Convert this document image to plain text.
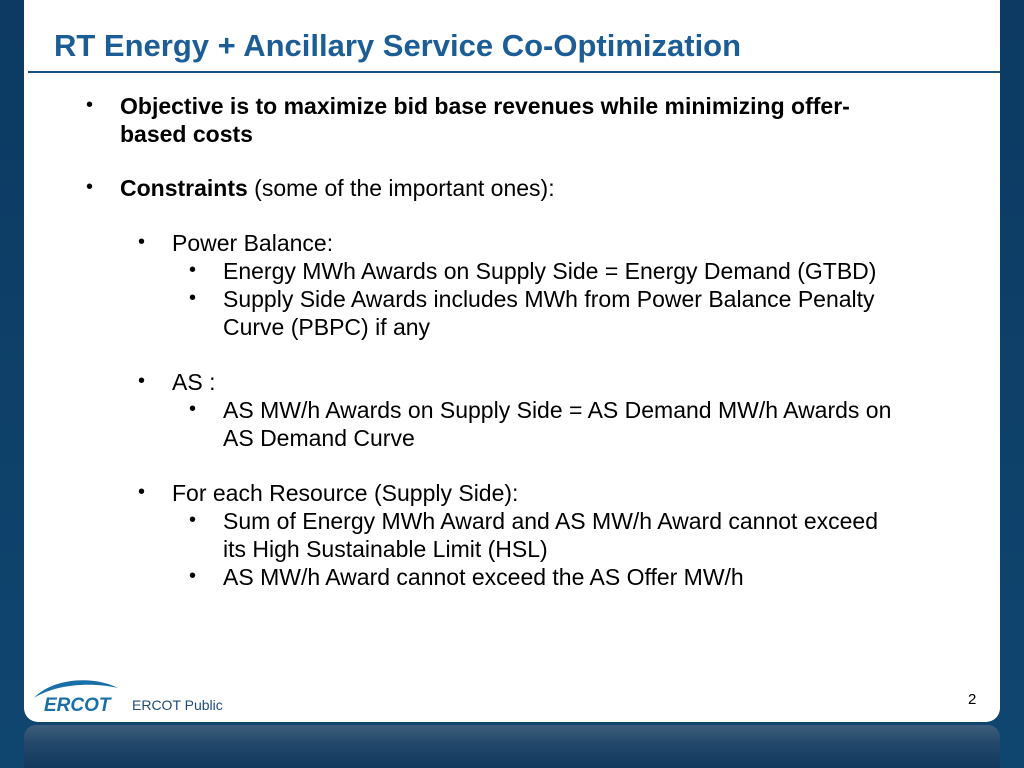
RT Energy + Ancillary Service Co-Optimization
• Objective is to maximize bid base revenues while minimizing offer-
based costs
• Constraints (some of the important ones):
• Power Balance:
• Energy MWh Awards on Supply Side = Energy Demand (GTBD)
• Supply Side Awards includes MWh from Power Balance Penalty
Curve (PBPC) if any
• AS :
• AS MW/h Awards on Supply Side = AS Demand MW/h Awards on
AS Demand Curve
• For each Resource (Supply Side):
• Sum of Energy MWh Award and AS MW/h Award cannot exceed
its High Sustainable Limit (HSL)
• AS MW/h Award cannot exceed the AS Offer MW/h
ERCOT ERCOT Public	2
